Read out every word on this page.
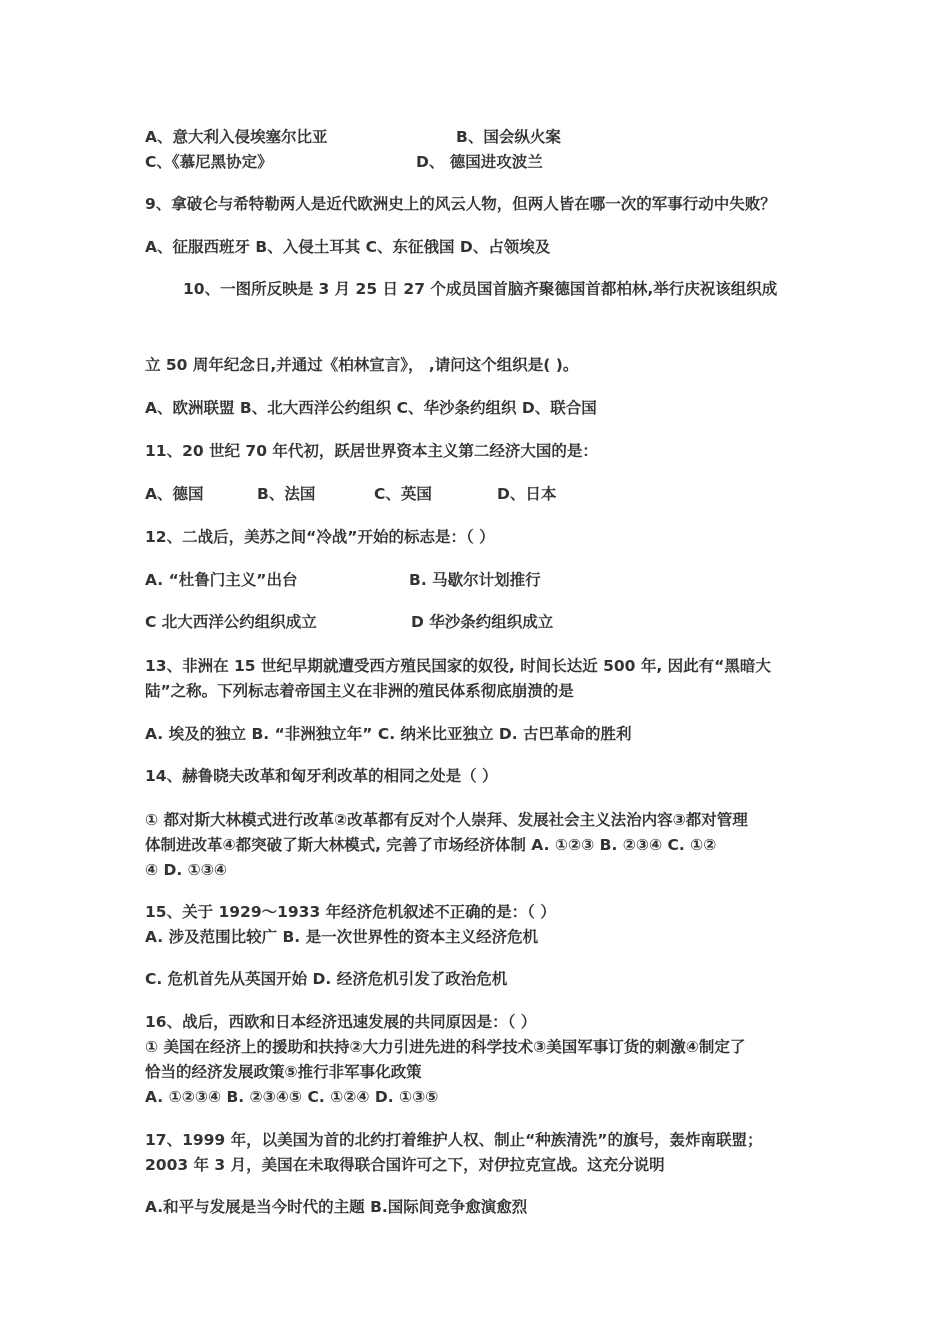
A、意大利入侵埃塞尔比亚	B、国会纵火案
C、《慕尼黑协定》	D、 德国进攻波兰
9、拿破仑与希特勒两人是近代欧洲史上的风云人物，但两人皆在哪一次的军事行动中失败？
A、征服西班牙 B、入侵土耳其 C、东征俄国 D、占领埃及
10、一图所反映是 3 月 25 日 27 个成员国首脑齐聚德国首都柏林,举行庆祝该组织成
立 50 周年纪念日,并通过《柏林宣言》， ,请问这个组织是( )。
A、欧洲联盟 B、北大西洋公约组织 C、华沙条约组织 D、联合国
11、20 世纪 70 年代初，跃居世界资本主义第二经济大国的是：
A、德国	B、法国	C、英国	D、日本
12、二战后，美苏之间“冷战”开始的标志是：（ ）
A. “杜鲁门主义”出台	B. 马歇尔计划推行
C 北大西洋公约组织成立	D 华沙条约组织成立
13、非洲在 15 世纪早期就遭受西方殖民国家的奴役, 时间长达近 500 年, 因此有“黑暗大
陆”之称。下列标志着帝国主义在非洲的殖民体系彻底崩溃的是
A. 埃及的独立 B. “非洲独立年” C. 纳米比亚独立 D. 古巴革命的胜利
14、赫鲁晓夫改革和匈牙利改革的相同之处是（ ）
① 都对斯大林模式进行改革②改革都有反对个人崇拜、发展社会主义法治内容③都对管理
体制进改革④都突破了斯大林模式, 完善了市场经济体制 A. ①②③ B. ②③④ C. ①②
④ D. ①③④
15、关于 1929～1933 年经济危机叙述不正确的是：（ ）
A. 涉及范围比较广 B. 是一次世界性的资本主义经济危机
C. 危机首先从英国开始 D. 经济危机引发了政治危机
16、战后，西欧和日本经济迅速发展的共同原因是：（ ）
① 美国在经济上的援助和扶持②大力引进先进的科学技术③美国军事订货的刺激④制定了
恰当的经济发展政策⑤推行非军事化政策
A. ①②③④ B. ②③④⑤ C. ①②④ D. ①③⑤
17、1999 年，以美国为首的北约打着维护人权、制止“种族清洗”的旗号，轰炸南联盟；
2003 年 3 月，美国在未取得联合国许可之下，对伊拉克宣战。这充分说明
A.和平与发展是当今时代的主题 B.国际间竞争愈演愈烈
